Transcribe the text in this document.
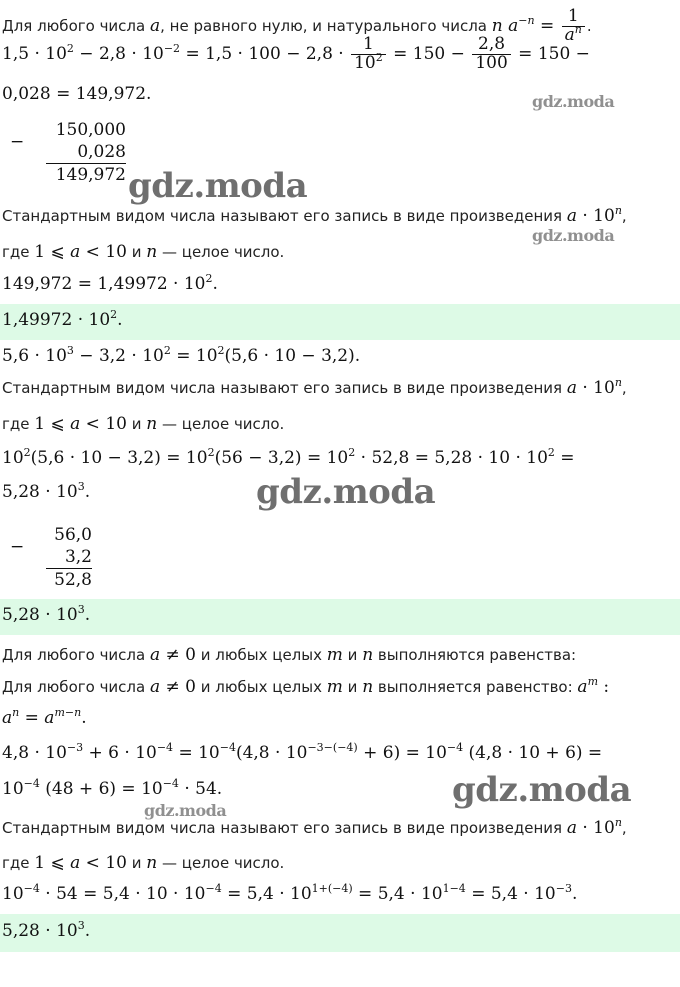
Для любого числа a, не равного нулю, и натурального числа n $a^{-n} = \frac{1}{a^n}$ .
$1,5 \cdot 10^2 - 2,8 \cdot 10^{-2} = 1,5 \cdot 100 - 2,8 \cdot \frac{1}{10^2} = 150 - \frac{2,8}{100} = 150$ −
0,028 = 149,972.	gdz.moda
−
150,000
0,028
149,972 gdz.moda
Стандартным видом числа называют его запись в виде произведения $a \cdot 10^n$,
gdz.moda
где 1 ⩽ a < 10 и n — целое число.
$149,972 = 1,49972 \cdot 10^2$.
$1,49972 \cdot 10^2$.
$5,6 \cdot 10^3 - 3,2 \cdot 10^2 = 10^2(5,6 \cdot 10 - 3,2)$.
Стандартным видом числа называют его запись в виде произведения $a \cdot 10^n$,
где 1 ⩽ a < 10 и n — целое число.
$10^2(5,6 \cdot 10 - 3,2) = 10^2(56 - 3,2) = 10^2 \cdot 52,8 = 5,28 \cdot 10 \cdot 10^2$ =
$5,28 \cdot 10^3$.	gdz.moda
−
56,0
3,2
52,8
$5,28 \cdot 10^3$.
Для любого числа a ≠ 0 и любых целых m и n выполняются равенства:
Для любого числа a ≠ 0 и любых целых m и n выполняется равенство: $a^m$ :
$a^n = a^{m-n}$.
$4,8 \cdot 10^{-3} + 6 \cdot 10^{-4} = 10^{-4}(4,8 \cdot 10^{-3-(-4)} + 6) = 10^{-4}$ (4,8 · 10 + 6) =
$10^{-4}$ $(48 + 6) = 10^{-4} \cdot 54$.	gdz.moda
gdz.moda
Стандартным видом числа называют его запись в виде произведения $a \cdot 10^n$,
где 1 ⩽ a < 10 и n — целое число.
$10^{-4} \cdot 54 = 5,4 \cdot 10 \cdot 10^{-4} = 5,4 \cdot 10^{1+(-4)} = 5,4 \cdot 10^{1-4} = 5,4 \cdot 10^{-3}$.
$5,28 \cdot 10^3$.
